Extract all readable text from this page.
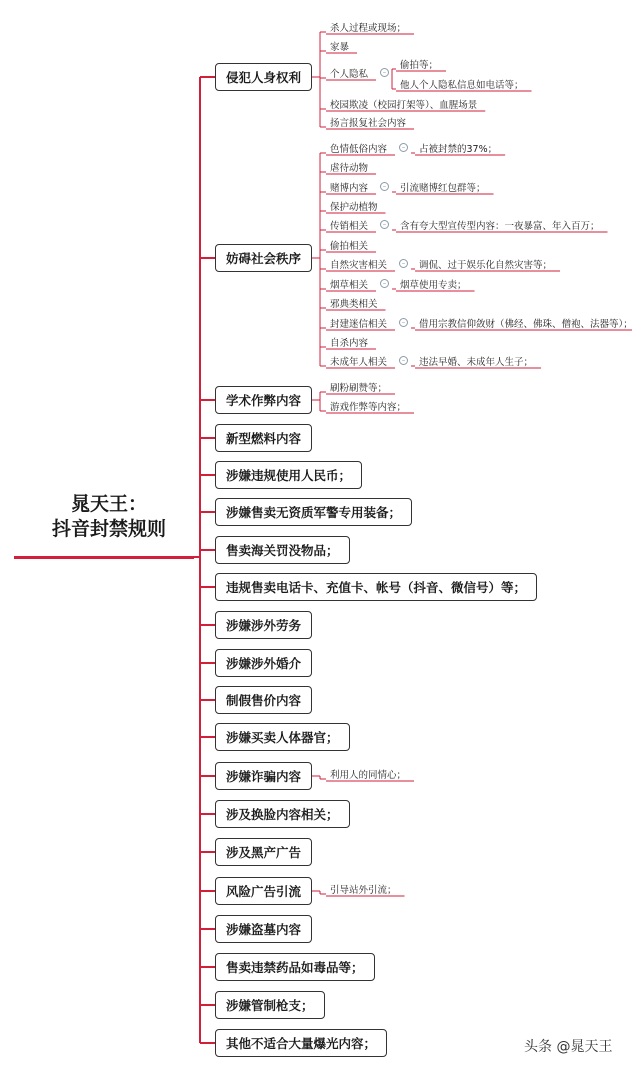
晁天王：
抖音封禁规则
侵犯人身权利
杀人过程或现场；
家暴
个人隐私	–
偷拍等；
他人个人隐私信息如电话等；
校园欺凌（校园打架等）、血腥场景
扬言报复社会内容
妨碍社会秩序
色情低俗内容	– 占被封禁的37%；
虐待动物
赌博内容	– 引流赌博红包群等；
保护动植物
传销相关	– 含有夸大型宣传型内容：一夜暴富、年入百万；
偷拍相关
自然灾害相关	– 调侃、过于娱乐化自然灾害等；
烟草相关	– 烟草使用专卖；
邪典类相关
封建迷信相关	– 借用宗教信仰敛财（佛经、佛珠、僧袍、法器等）；
自杀内容
未成年人相关	– 违法早婚、未成年人生子；
学术作弊内容
刷粉刷赞等；
游戏作弊等内容；
新型燃料内容
涉嫌违规使用人民币；
涉嫌售卖无资质军警专用装备；
售卖海关罚没物品；
违规售卖电话卡、充值卡、帐号（抖音、微信号）等；
涉嫌涉外劳务
涉嫌涉外婚介
制假售价内容
涉嫌买卖人体器官；
涉嫌诈骗内容	利用人的同情心；
涉及换脸内容相关；
涉及黑产广告
风险广告引流	引导站外引流；
涉嫌盗墓内容
售卖违禁药品如毒品等；
涉嫌管制枪支；
其他不适合大量爆光内容；	头条 @晁天王
